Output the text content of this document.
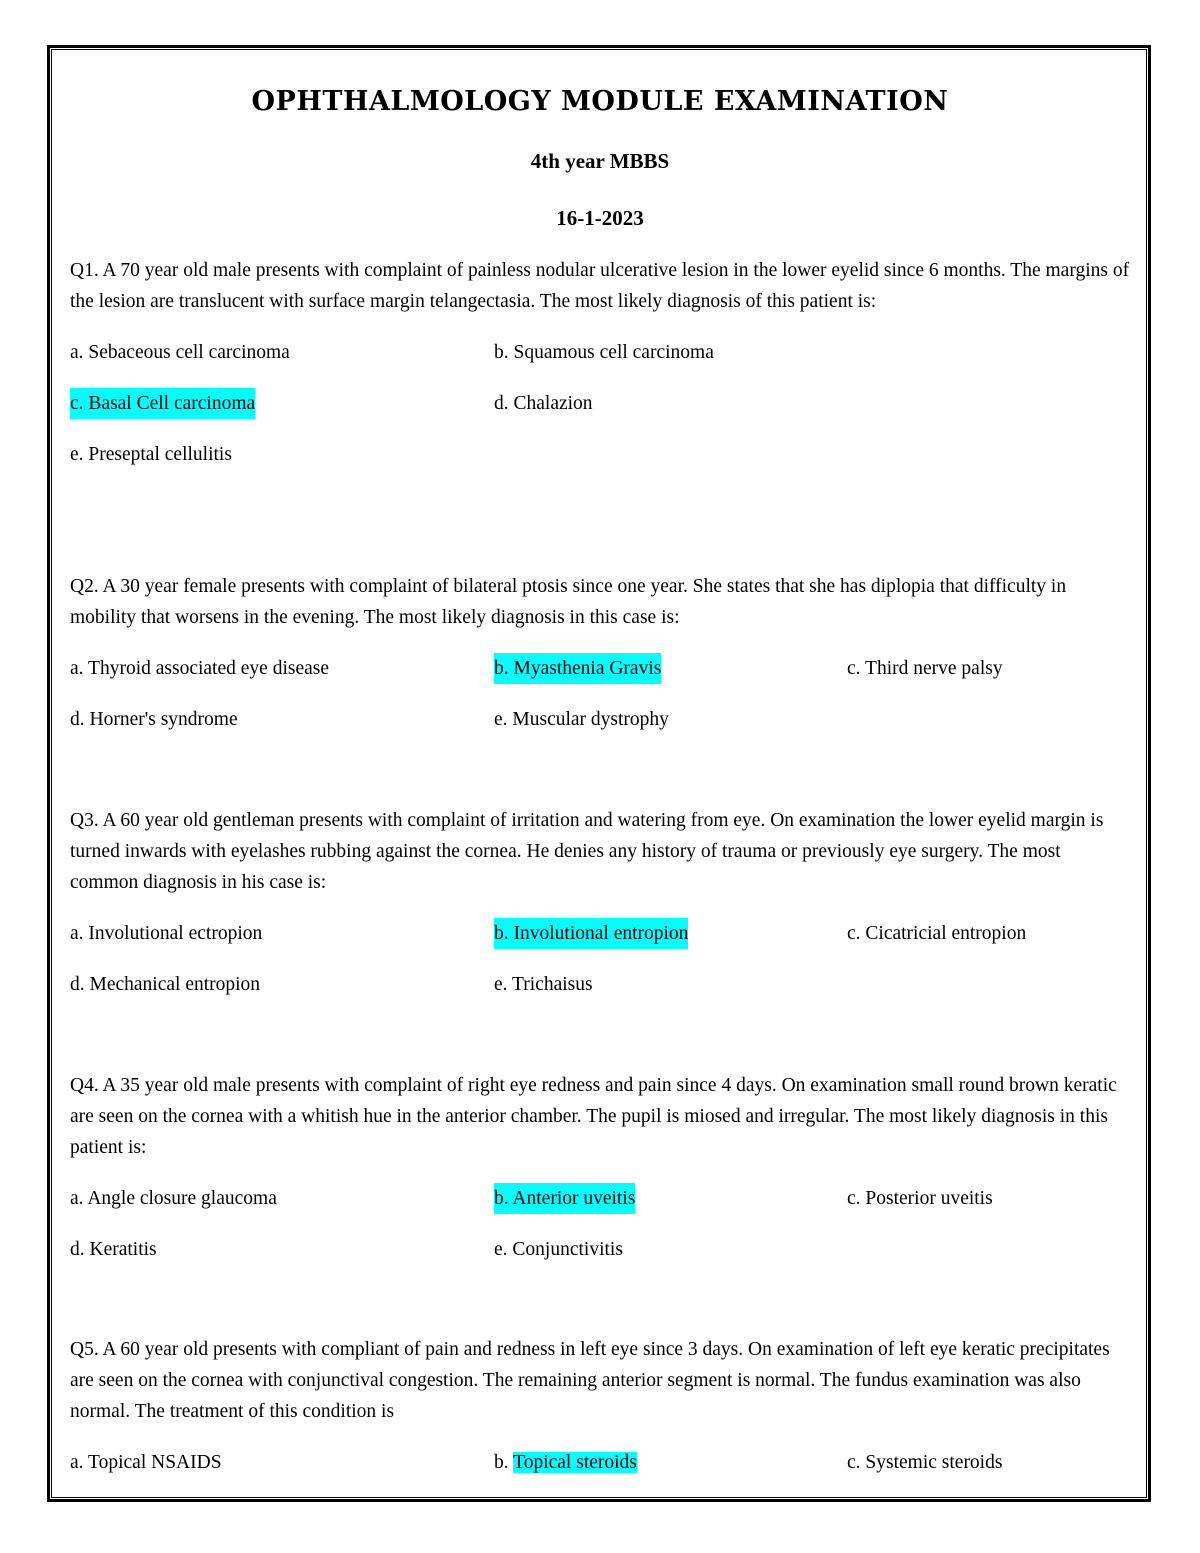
OPHTHALMOLOGY MODULE EXAMINATION

4th year MBBS

16-1-2023

Q1. A 70 year old male presents with complaint of painless nodular ulcerative lesion in the lower eyelid since 6 months. The margins of the lesion are translucent with surface margin telangectasia. The most likely diagnosis of this patient is:

a. Sebaceous cell carcinoma	b. Squamous cell carcinoma
c. Basal Cell carcinoma	d. Chalazion
e. Preseptal cellulitis

Q2. A 30 year female presents with complaint of bilateral ptosis since one year. She states that she has diplopia that difficulty in mobility that worsens in the evening. The most likely diagnosis in this case is:

a. Thyroid associated eye disease	b. Myasthenia Gravis	c. Third nerve palsy
d. Horner's syndrome	e. Muscular dystrophy

Q3. A 60 year old gentleman presents with complaint of irritation and watering from eye. On examination the lower eyelid margin is turned inwards with eyelashes rubbing against the cornea. He denies any history of trauma or previously eye surgery. The most common diagnosis in his case is:

a. Involutional ectropion	b. Involutional entropion	c. Cicatricial entropion
d. Mechanical entropion	e. Trichaisus

Q4. A 35 year old male presents with complaint of right eye redness and pain since 4 days. On examination small round brown keratic are seen on the cornea with a whitish hue in the anterior chamber. The pupil is miosed and irregular. The most likely diagnosis in this patient is:

a. Angle closure glaucoma	b. Anterior uveitis	c. Posterior uveitis
d. Keratitis	e. Conjunctivitis

Q5. A 60 year old presents with compliant of pain and redness in left eye since 3 days. On examination of left eye keratic precipitates are seen on the cornea with conjunctival congestion. The remaining anterior segment is normal. The fundus examination was also normal. The treatment of this condition is

a. Topical NSAIDS	b. Topical steroids	c. Systemic steroids
